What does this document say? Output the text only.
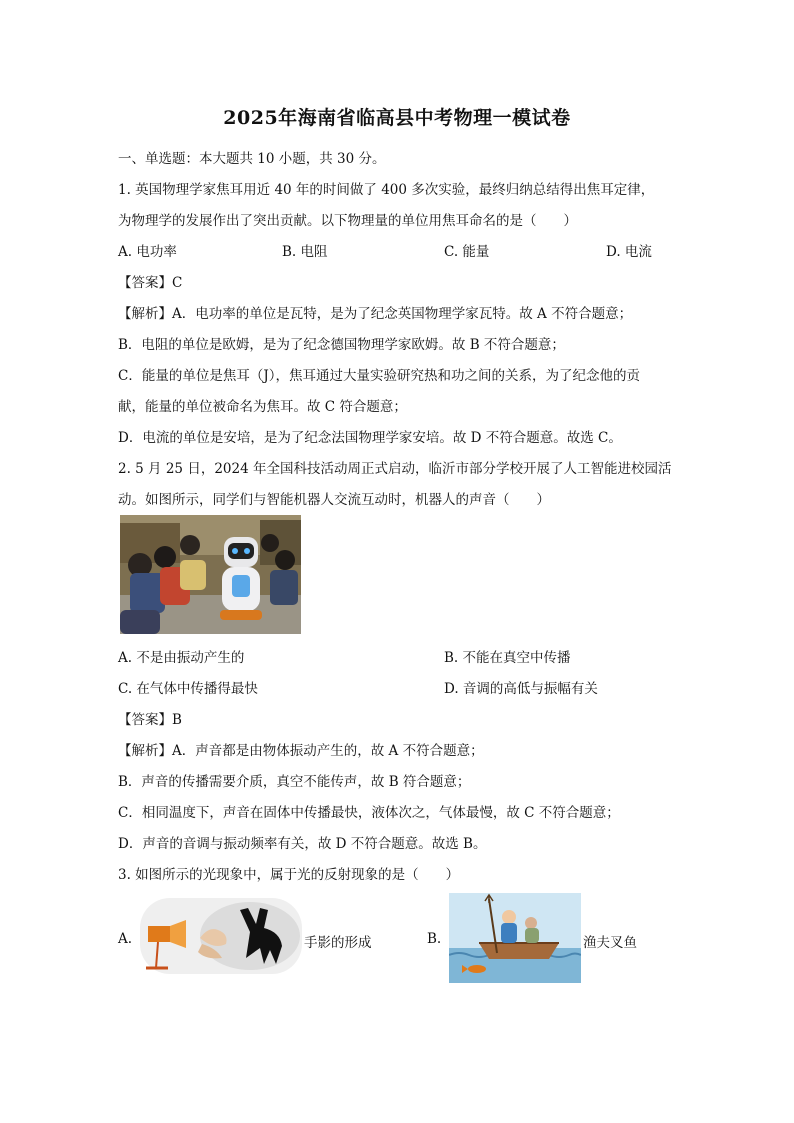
2025年海南省临高县中考物理一模试卷
一、单选题：本大题共 10 小题，共 30 分。
1. 英国物理学家焦耳用近 40 年的时间做了 400 多次实验，最终归纳总结得出焦耳定律，
为物理学的发展作出了突出贡献。以下物理量的单位用焦耳命名的是（　　）
A. 电功率	B. 电阻	C. 能量	D. 电流
【答案】C
【解析】A．电功率的单位是瓦特，是为了纪念英国物理学家瓦特。故 A 不符合题意；
B．电阻的单位是欧姆，是为了纪念德国物理学家欧姆。故 B 不符合题意；
C．能量的单位是焦耳（J），焦耳通过大量实验研究热和功之间的关系，为了纪念他的贡
献，能量的单位被命名为焦耳。故 C 符合题意；
D．电流的单位是安培，是为了纪念法国物理学家安培。故 D 不符合题意。故选 C。
2. 5 月 25 日，2024 年全国科技活动周正式启动，临沂市部分学校开展了人工智能进校园活
动。如图所示，同学们与智能机器人交流互动时，机器人的声音（　　）
A. 不是由振动产生的	B. 不能在真空中传播
C. 在气体中传播得最快	D. 音调的高低与振幅有关
【答案】B
【解析】A．声音都是由物体振动产生的，故 A 不符合题意；
B．声音的传播需要介质，真空不能传声，故 B 符合题意；
C．相同温度下，声音在固体中传播最快，液体次之，气体最慢，故 C 不符合题意；
D．声音的音调与振动频率有关，故 D 不符合题意。故选 B。
3. 如图所示的光现象中，属于光的反射现象的是（　　）
A.	手影的形成	B.	渔夫叉鱼
